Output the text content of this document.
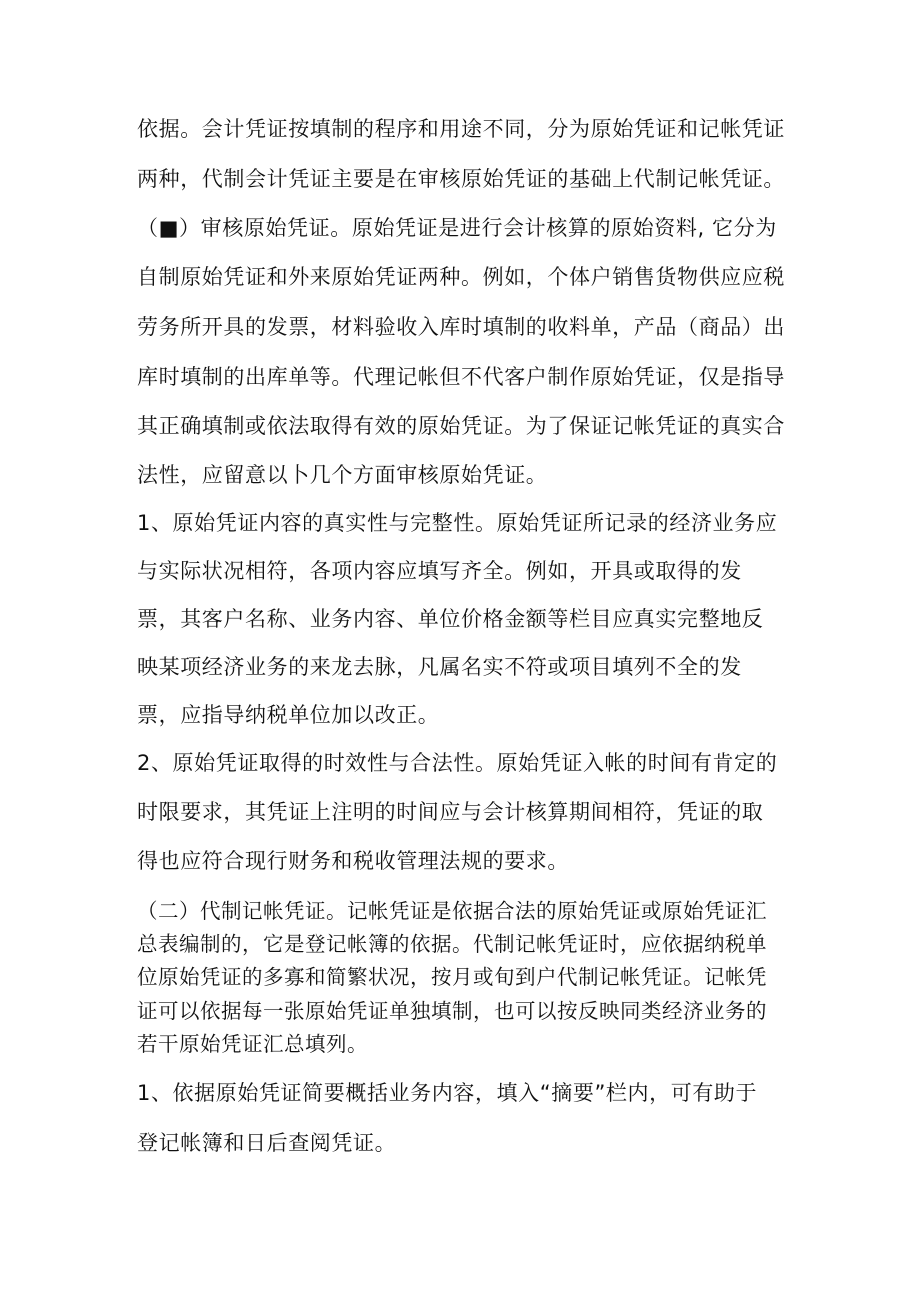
依据。会计凭证按填制的程序和用途不同，分为原始凭证和记帐凭证
两种，代制会计凭证主要是在审核原始凭证的基础上代制记帐凭证。
（■）审核原始凭证。原始凭证是进行会计核算的原始资料, 它分为
自制原始凭证和外来原始凭证两种。例如，个体户销售货物供应应税
劳务所开具的发票，材料验收入库时填制的收料单，产品（商品）出
库时填制的出库单等。代理记帐但不代客户制作原始凭证，仅是指导
其正确填制或依法取得有效的原始凭证。为了保证记帐凭证的真实合
法性，应留意以卜几个方面审核原始凭证。
1、原始凭证内容的真实性与完整性。原始凭证所记录的经济业务应
与实际状况相符，各项内容应填写齐全。例如，开具或取得的发
票，其客户名称、业务内容、单位价格金额等栏目应真实完整地反
映某项经济业务的来龙去脉，凡属名实不符或项目填列不全的发
票，应指导纳税单位加以改正。
2、原始凭证取得的时效性与合法性。原始凭证入帐的时间有肯定的
时限要求，其凭证上注明的时间应与会计核算期间相符，凭证的取
得也应符合现行财务和税收管理法规的要求。
（二）代制记帐凭证。记帐凭证是依据合法的原始凭证或原始凭证汇
总表编制的，它是登记帐簿的依据。代制记帐凭证时，应依据纳税单
位原始凭证的多寡和简繁状况，按月或旬到户代制记帐凭证。记帐凭
证可以依据每一张原始凭证单独填制，也可以按反映同类经济业务的
若干原始凭证汇总填列。
1、依据原始凭证简要概括业务内容，填入“摘要”栏内，可有助于
登记帐簿和日后查阅凭证。
